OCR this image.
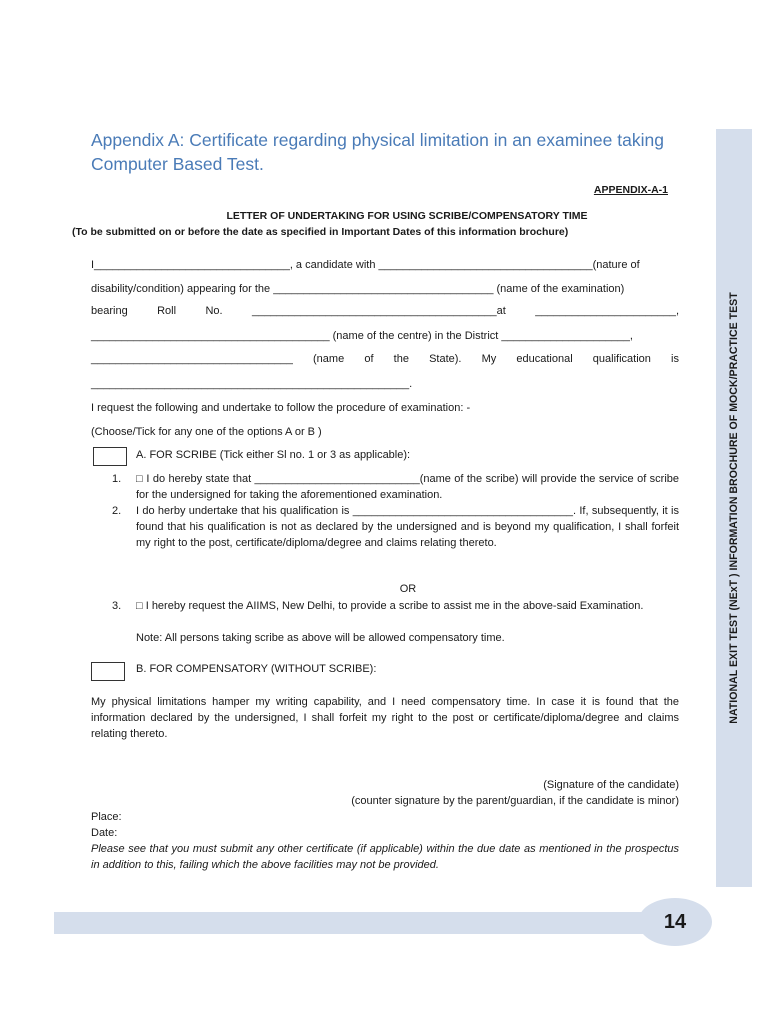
NATIONAL EXIT TEST (NExT ) INFORMATION BROCHURE OF MOCK/PRACTICE TEST
Appendix A: Certificate regarding physical limitation in an examinee taking Computer Based Test.
APPENDIX-A-1
LETTER OF UNDERTAKING FOR USING SCRIBE/COMPENSATORY TIME
(To be submitted on or before the date as specified in Important Dates of this information brochure)
I________________________________, a candidate with ___________________________________(nature of
disability/condition) appearing for the ____________________________________ (name of the examination)
bearing	Roll	No.	________________________________________at	_______________________,
_______________________________________ (name of the centre) in the District _____________________,
_________________________________ (name of the State). My educational qualification is
____________________________________________________.
I request the following and undertake to follow the procedure of examination: -
(Choose/Tick for any one of the options A or B )
A. FOR SCRIBE (Tick either Sl no. 1 or 3 as applicable):
1. □ I do hereby state that ___________________________(name of the scribe) will provide the service of scribe for the undersigned for taking the aforementioned examination.
2. I do herby undertake that his qualification is ____________________________________. If, subsequently, it is found that his qualification is not as declared by the undersigned and is beyond my qualification, I shall forfeit my right to the post, certificate/diploma/degree and claims relating thereto.
OR
3. □ I hereby request the AIIMS, New Delhi, to provide a scribe to assist me in the above-said Examination.
Note: All persons taking scribe as above will be allowed compensatory time.
B. FOR COMPENSATORY (WITHOUT SCRIBE):
My physical limitations hamper my writing capability, and I need compensatory time. In case it is found that the information declared by the undersigned, I shall forfeit my right to the post or certificate/diploma/degree and claims relating thereto.
(Signature of the candidate)
(counter signature by the parent/guardian, if the candidate is minor)
Place:
Date:
Please see that you must submit any other certificate (if applicable) within the due date as mentioned in the prospectus in addition to this, failing which the above facilities may not be provided.
14
